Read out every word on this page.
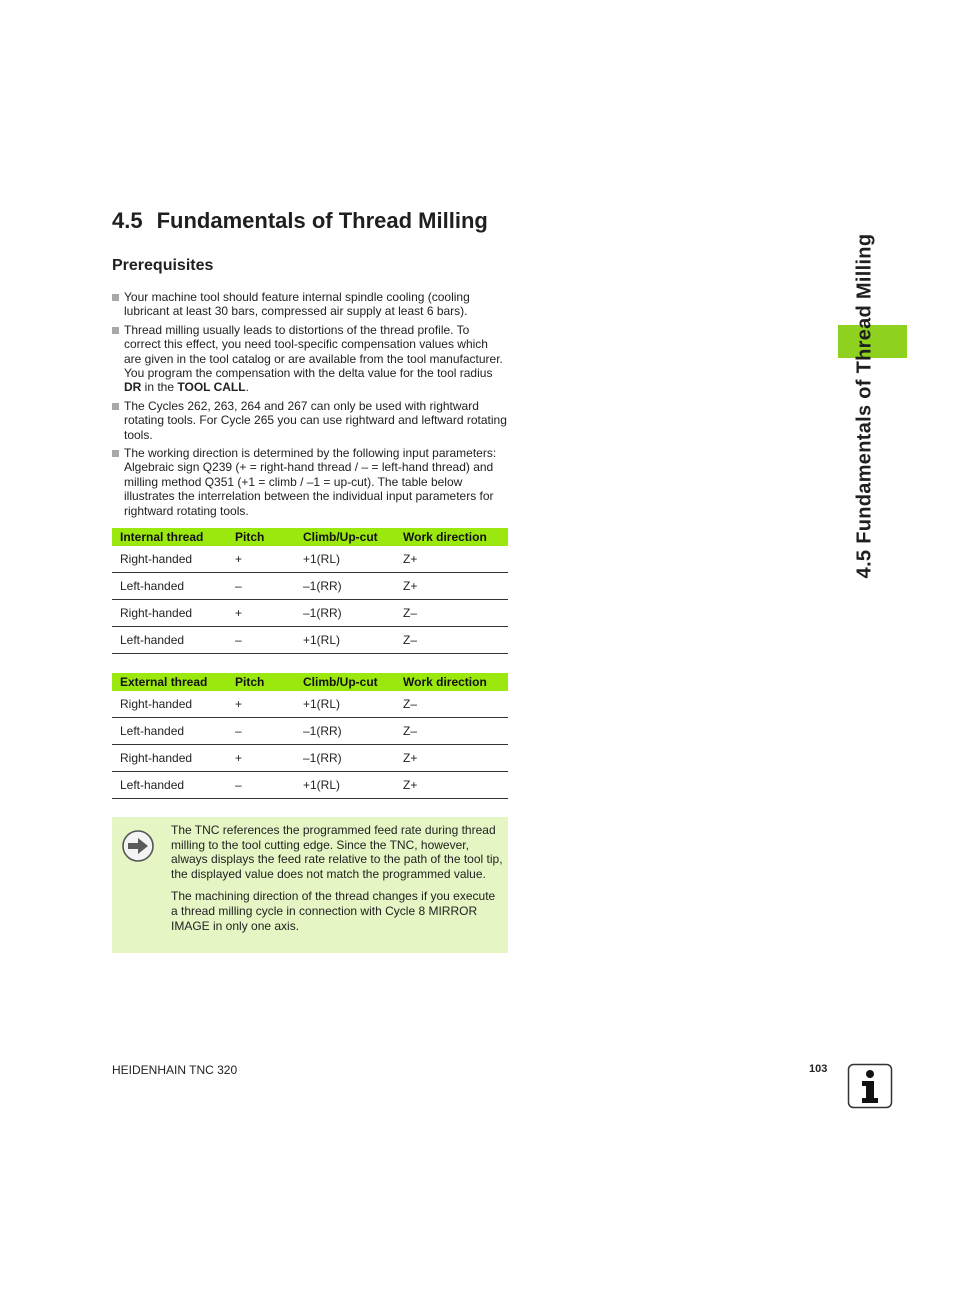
4.5 Fundamentals of Thread Milling
Prerequisites
Your machine tool should feature internal spindle cooling (cooling lubricant at least 30 bars, compressed air supply at least 6 bars).
Thread milling usually leads to distortions of the thread profile. To correct this effect, you need tool-specific compensation values which are given in the tool catalog or are available from the tool manufacturer. You program the compensation with the delta value for the tool radius DR in the TOOL CALL.
The Cycles 262, 263, 264 and 267 can only be used with rightward rotating tools. For Cycle 265 you can use rightward and leftward rotating tools.
The working direction is determined by the following input parameters: Algebraic sign Q239 (+ = right-hand thread / – = left-hand thread) and milling method Q351 (+1 = climb / –1 = up-cut). The table below illustrates the interrelation between the individual input parameters for rightward rotating tools.
Internal thread	Pitch	Climb/Up-cut	Work direction
Right-handed	+	+1(RL)	Z+
Left-handed	–	–1(RR)	Z+
Right-handed	+	–1(RR)	Z–
Left-handed	–	+1(RL)	Z–
External thread	Pitch	Climb/Up-cut	Work direction
Right-handed	+	+1(RL)	Z–
Left-handed	–	–1(RR)	Z–
Right-handed	+	–1(RR)	Z+
Left-handed	–	+1(RL)	Z+

The TNC references the programmed feed rate during thread milling to the tool cutting edge. Since the TNC, however, always displays the feed rate relative to the path of the tool tip, the displayed value does not match the programmed value.

The machining direction of the thread changes if you execute a thread milling cycle in connection with Cycle 8 MIRROR IMAGE in only one axis.

4.5 Fundamentals of Thread Milling
HEIDENHAIN TNC 320	103
